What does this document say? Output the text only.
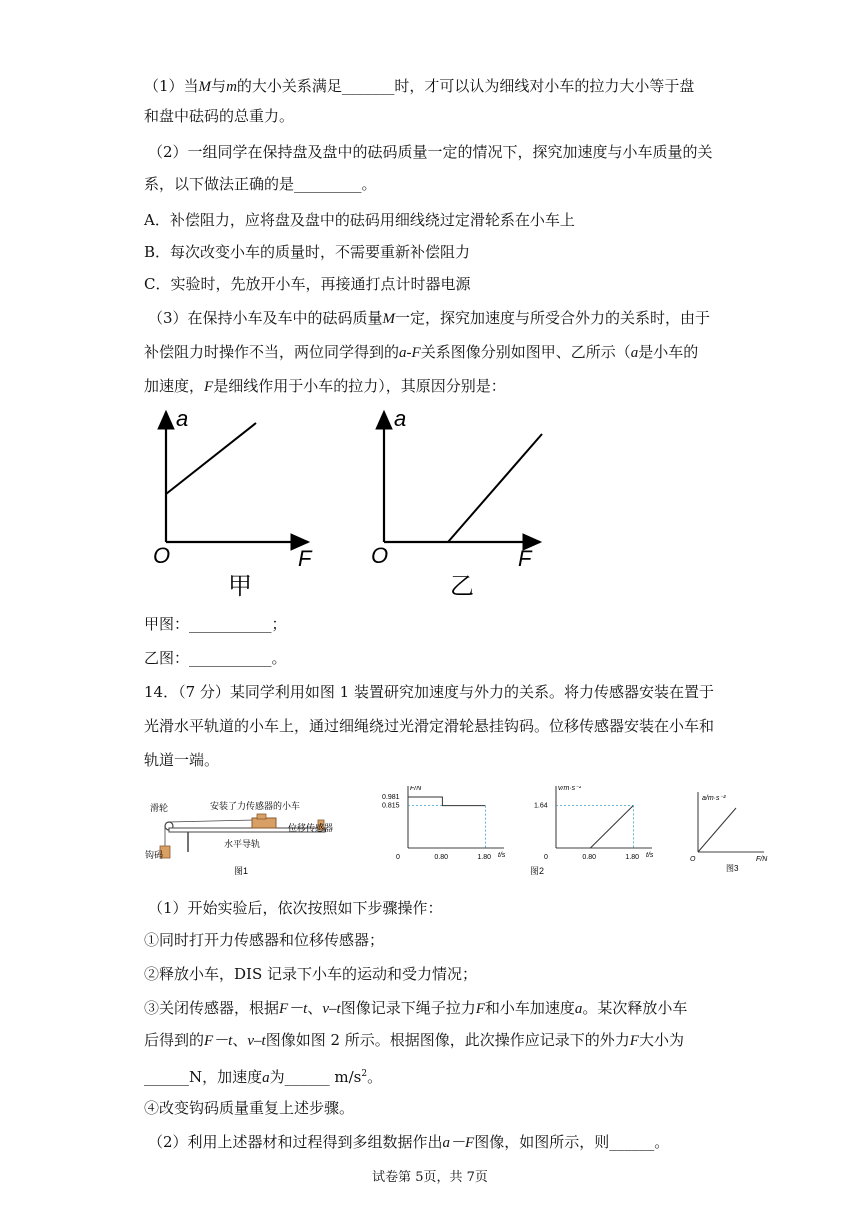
（1）当M与m的大小关系满足_______时，才可以认为细线对小车的拉力大小等于盘
和盘中砝码的总重力。
（2）一组同学在保持盘及盘中的砝码质量一定的情况下，探究加速度与小车质量的关
系，以下做法正确的是_________。
A．补偿阻力，应将盘及盘中的砝码用细线绕过定滑轮系在小车上
B．每次改变小车的质量时，不需要重新补偿阻力
C．实验时，先放开小车，再接通打点计时器电源
（3）在保持小车及车中的砝码质量M一定，探究加速度与所受合外力的关系时，由于
补偿阻力时操作不当，两位同学得到的a-F关系图像分别如图甲、乙所示（a是小车的
加速度，F是细线作用于小车的拉力），其原因分别是：
a
O	F
甲
a
O	F
乙
甲图：___________；
乙图：___________。
14．（7 分）某同学利用如图 1 装置研究加速度与外力的关系。将力传感器安装在置于
光滑水平轨道的小车上，通过细绳绕过光滑定滑轮悬挂钩码。位移传感器安装在小车和
轨道一端。
滑轮	安装了力传感器的小车
位移传感器
水平导轨
钩码
图1
F/N
t/s
0	0.80	1.80
0.981
0.815
v/m·s⁻¹
t/s
0	0.80	1.80
1.64
图2
a/m·s⁻²
F/N
O
图3
（1）开始实验后，依次按照如下步骤操作：
①同时打开力传感器和位移传感器；
②释放小车，DIS 记录下小车的运动和受力情况；
③关闭传感器，根据F－t、v–t图像记录下绳子拉力F和小车加速度a。某次释放小车
后得到的F－t、v–t图像如图 2 所示。根据图像，此次操作应记录下的外力F大小为
______N，加速度a为______ $m/s^2$。
④改变钩码质量重复上述步骤。
（2）利用上述器材和过程得到多组数据作出a－F图像，如图所示，则______。
试卷第 5页，共 7页
